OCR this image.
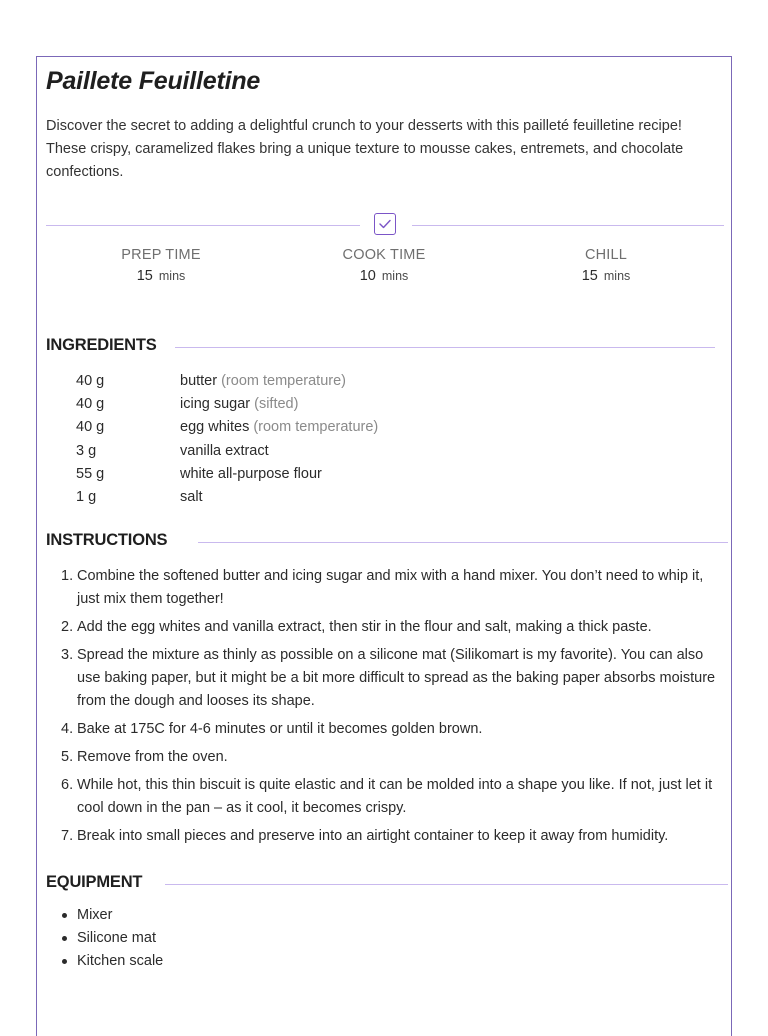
Paillete Feuilletine

Discover the secret to adding a delightful crunch to your desserts with this pailleté feuilletine recipe! These crispy, caramelized flakes bring a unique texture to mousse cakes, entremets, and chocolate confections.

PREP TIME
15 mins
COOK TIME
10 mins
CHILL
15 mins
INGREDIENTS
40 g	butter (room temperature)
40 g	icing sugar (sifted)
40 g	egg whites (room temperature)
3 g	vanilla extract
55 g	white all-purpose flour
1 g	salt
INSTRUCTIONS
1. Combine the softened butter and icing sugar and mix with a hand mixer. You don’t need to whip it, just mix them together!
2. Add the egg whites and vanilla extract, then stir in the flour and salt, making a thick paste.
3. Spread the mixture as thinly as possible on a silicone mat (Silikomart is my favorite). You can also use baking paper, but it might be a bit more difficult to spread as the baking paper absorbs moisture from the dough and looses its shape.
4. Bake at 175C for 4-6 minutes or until it becomes golden brown.
5. Remove from the oven.
6. While hot, this thin biscuit is quite elastic and it can be molded into a shape you like. If not, just let it cool down in the pan – as it cool, it becomes crispy.
7. Break into small pieces and preserve into an airtight container to keep it away from humidity.
EQUIPMENT
Mixer
Silicone mat
Kitchen scale
